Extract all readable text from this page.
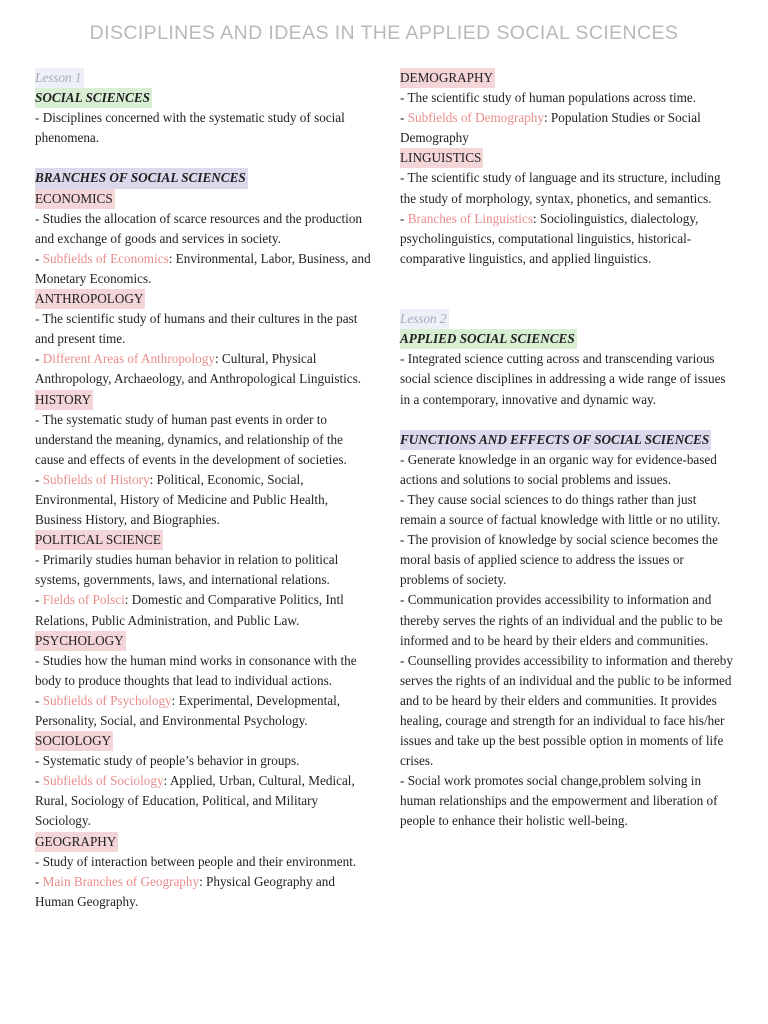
DISCIPLINES AND IDEAS IN THE APPLIED SOCIAL SCIENCES
Lesson 1
SOCIAL SCIENCES

- Disciplines concerned with the systematic study of social phenomena.

BRANCHES OF SOCIAL SCIENCES
ECONOMICS

- Studies the allocation of scarce resources and the production and exchange of goods and services in society.

- Subfields of Economics: Environmental, Labor, Business, and Monetary Economics.

ANTHROPOLOGY

- The scientific study of humans and their cultures in the past and present time.

- Different Areas of Anthropology: Cultural, Physical Anthropology, Archaeology, and Anthropological Linguistics.

HISTORY

- The systematic study of human past events in order to understand the meaning, dynamics, and relationship of the cause and effects of events in the development of societies.

- Subfields of History: Political, Economic, Social, Environmental, History of Medicine and Public Health, Business History, and Biographies.

POLITICAL SCIENCE

- Primarily studies human behavior in relation to political systems, governments, laws, and international relations.

- Fields of Polsci: Domestic and Comparative Politics, Intl Relations, Public Administration, and Public Law.

PSYCHOLOGY

- Studies how the human mind works in consonance with the body to produce thoughts that lead to individual actions.

- Subfields of Psychology: Experimental, Developmental, Personality, Social, and Environmental Psychology.

SOCIOLOGY

- Systematic study of people’s behavior in groups.

- Subfields of Sociology: Applied, Urban, Cultural, Medical, Rural, Sociology of Education, Political, and Military Sociology.

GEOGRAPHY

- Study of interaction between people and their environment.

- Main Branches of Geography: Physical Geography and Human Geography.

DEMOGRAPHY

- The scientific study of human populations across time.

- Subfields of Demography: Population Studies or Social Demography

LINGUISTICS

- The scientific study of language and its structure, including the study of morphology, syntax, phonetics, and semantics.

- Branches of Linguistics: Sociolinguistics, dialectology, psycholinguistics, computational linguistics, historical-comparative linguistics, and applied linguistics.

Lesson 2
APPLIED SOCIAL SCIENCES

- Integrated science cutting across and transcending various social science disciplines in addressing a wide range of issues in a contemporary, innovative and dynamic way.

FUNCTIONS AND EFFECTS OF SOCIAL SCIENCES

- Generate knowledge in an organic way for evidence-based actions and solutions to social problems and issues.

- They cause social sciences to do things rather than just remain a source of factual knowledge with little or no utility.

- The provision of knowledge by social science becomes the moral basis of applied science to address the issues or problems of society.

- Communication provides accessibility to information and thereby serves the rights of an individual and the public to be informed and to be heard by their elders and communities.

- Counselling provides accessibility to information and thereby serves the rights of an individual and the public to be informed and to be heard by their elders and communities. It provides healing, courage and strength for an individual to face his/her issues and take up the best possible option in moments of life crises.

- Social work promotes social change,problem solving in human relationships and the empowerment and liberation of people to enhance their holistic well-being.
